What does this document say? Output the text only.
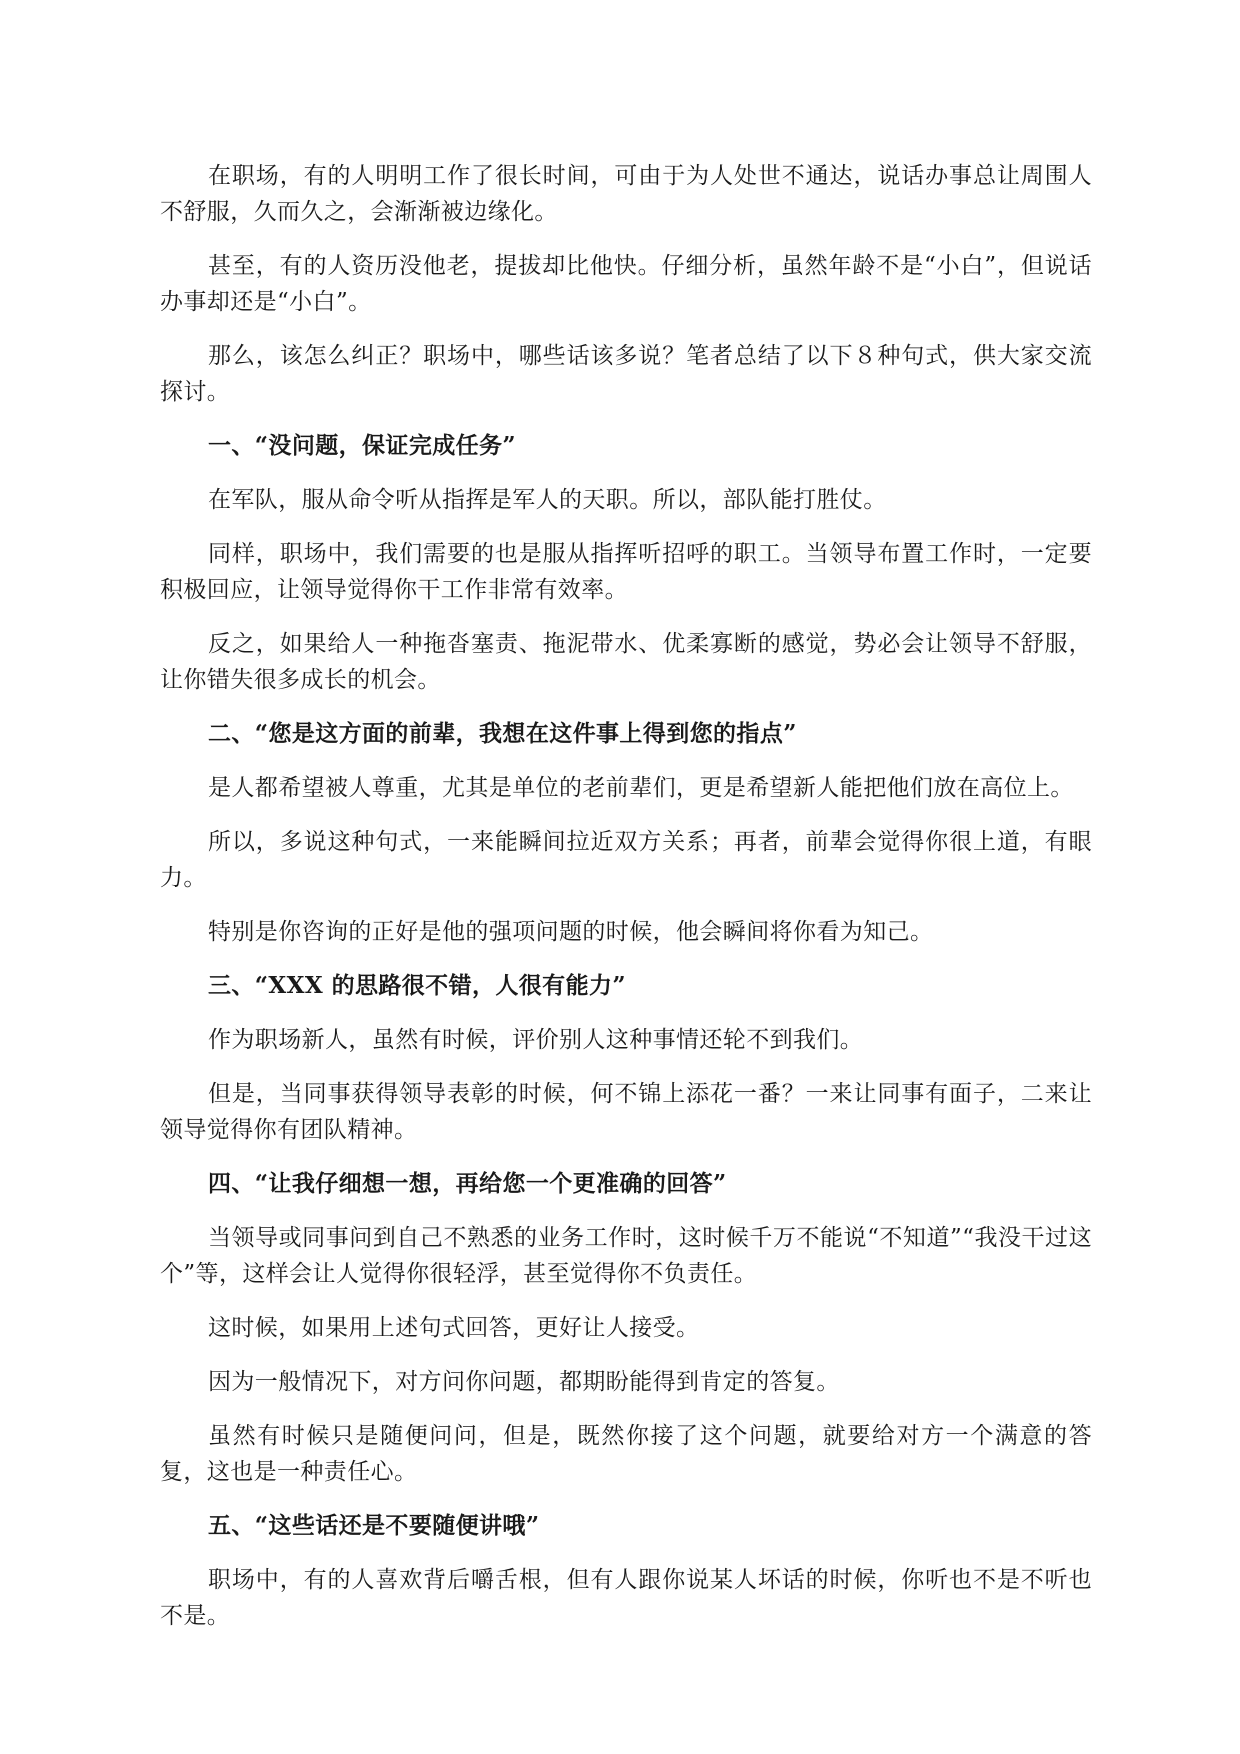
在职场，有的人明明工作了很长时间，可由于为人处世不通达，说话办事总让周围人不舒服，久而久之，会渐渐被边缘化。

甚至，有的人资历没他老，提拔却比他快。仔细分析，虽然年龄不是“小白”，但说话办事却还是“小白”。

那么，该怎么纠正？职场中，哪些话该多说？笔者总结了以下８种句式，供大家交流探讨。

一、“没问题，保证完成任务”

在军队，服从命令听从指挥是军人的天职。所以，部队能打胜仗。

同样，职场中，我们需要的也是服从指挥听招呼的职工。当领导布置工作时，一定要积极回应，让领导觉得你干工作非常有效率。

反之，如果给人一种拖沓塞责、拖泥带水、优柔寡断的感觉，势必会让领导不舒服，让你错失很多成长的机会。

二、“您是这方面的前辈，我想在这件事上得到您的指点”

是人都希望被人尊重，尤其是单位的老前辈们，更是希望新人能把他们放在高位上。

所以，多说这种句式，一来能瞬间拉近双方关系；再者，前辈会觉得你很上道，有眼力。

特别是你咨询的正好是他的强项问题的时候，他会瞬间将你看为知己。

三、“XXX 的思路很不错，人很有能力”

作为职场新人，虽然有时候，评价别人这种事情还轮不到我们。

但是，当同事获得领导表彰的时候，何不锦上添花一番？一来让同事有面子，二来让领导觉得你有团队精神。

四、“让我仔细想一想，再给您一个更准确的回答”

当领导或同事问到自己不熟悉的业务工作时，这时候千万不能说“不知道”“我没干过这个”等，这样会让人觉得你很轻浮，甚至觉得你不负责任。

这时候，如果用上述句式回答，更好让人接受。

因为一般情况下，对方问你问题，都期盼能得到肯定的答复。

虽然有时候只是随便问问，但是，既然你接了这个问题，就要给对方一个满意的答复，这也是一种责任心。

五、“这些话还是不要随便讲哦”

职场中，有的人喜欢背后嚼舌根，但有人跟你说某人坏话的时候，你听也不是不听也不是。
